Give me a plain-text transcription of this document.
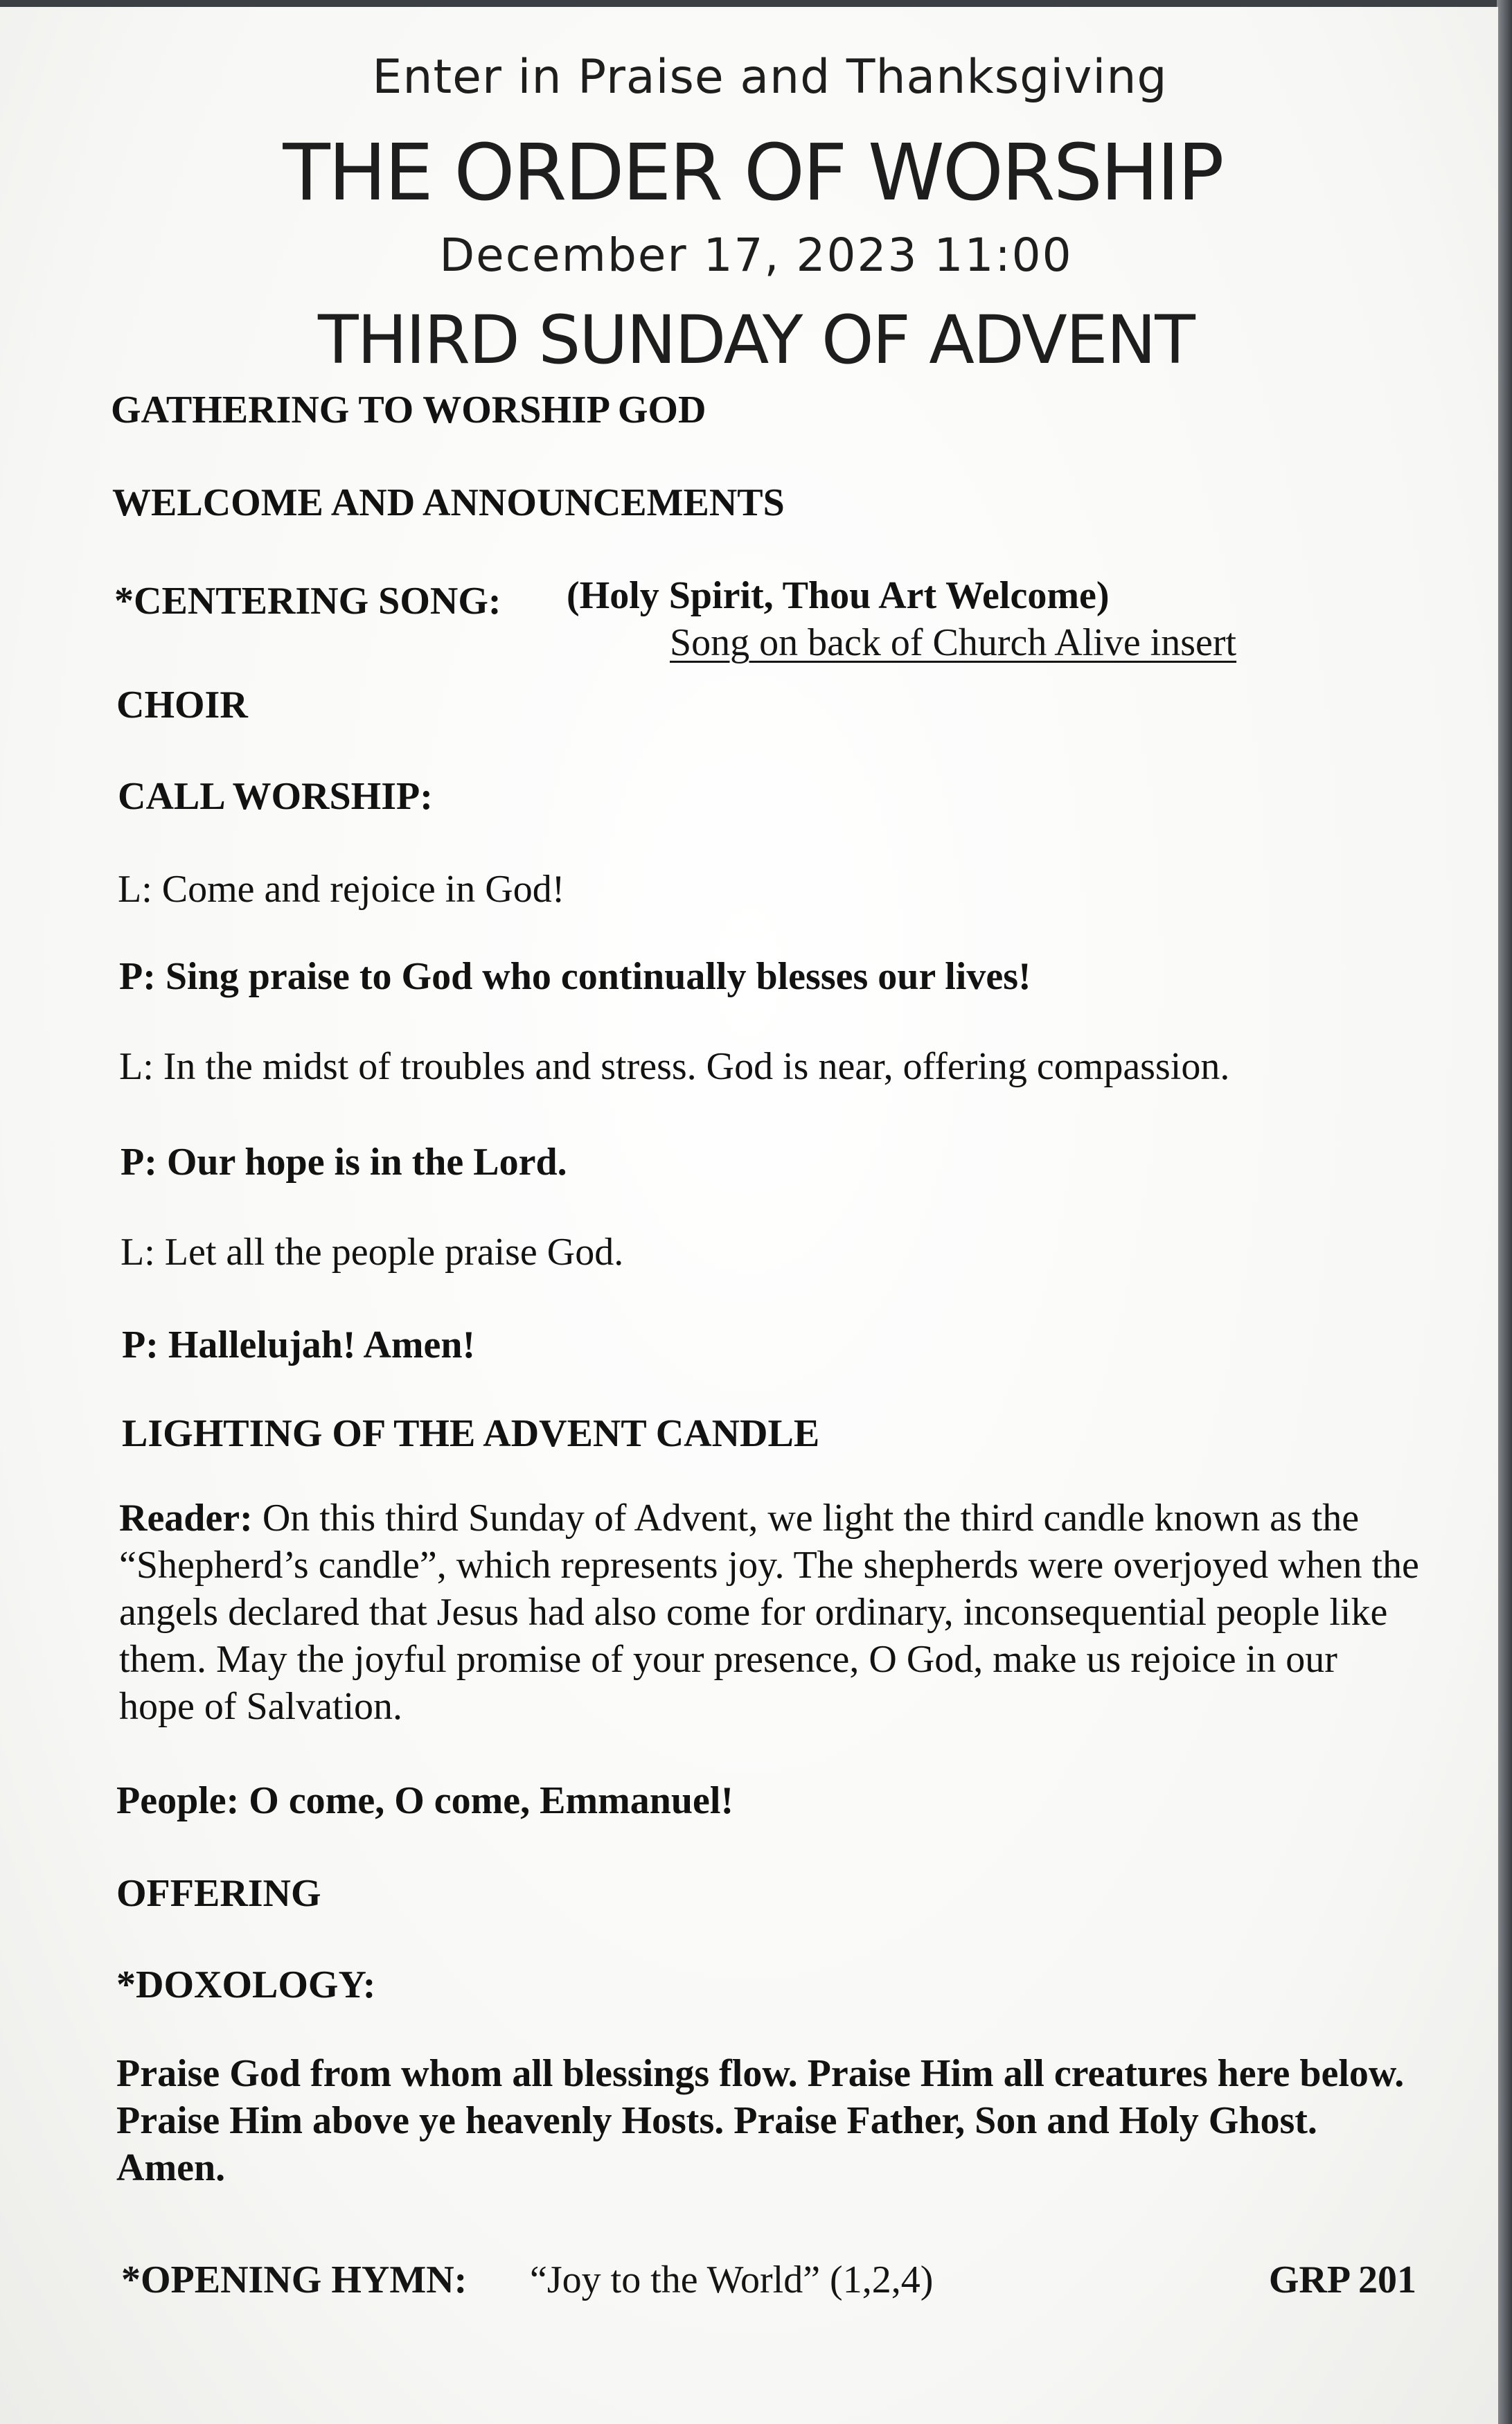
Enter in Praise and Thanksgiving
THE ORDER OF WORSHIP
December 17, 2023 11:00
THIRD SUNDAY OF ADVENT
GATHERING TO WORSHIP GOD
WELCOME AND ANNOUNCEMENTS
*CENTERING SONG: (Holy Spirit, Thou Art Welcome)
Song on back of Church Alive insert
CHOIR
CALL WORSHIP:
L: Come and rejoice in God!
P: Sing praise to God who continually blesses our lives!
L: In the midst of troubles and stress. God is near, offering compassion.
P: Our hope is in the Lord.
L: Let all the people praise God.
P: Hallelujah! Amen!
LIGHTING OF THE ADVENT CANDLE

Reader: On this third Sunday of Advent, we light the third candle known as the “Shepherd’s candle”, which represents joy. The shepherds were overjoyed when the angels declared that Jesus had also come for ordinary, inconsequential people like them. May the joyful promise of your presence, O God, make us rejoice in our hope of Salvation.

People: O come, O come, Emmanuel!
OFFERING
*DOXOLOGY:

Praise God from whom all blessings flow. Praise Him all creatures here below. Praise Him above ye heavenly Hosts. Praise Father, Son and Holy Ghost. Amen.

*OPENING HYMN: “Joy to the World” (1,2,4)	GRP 201
